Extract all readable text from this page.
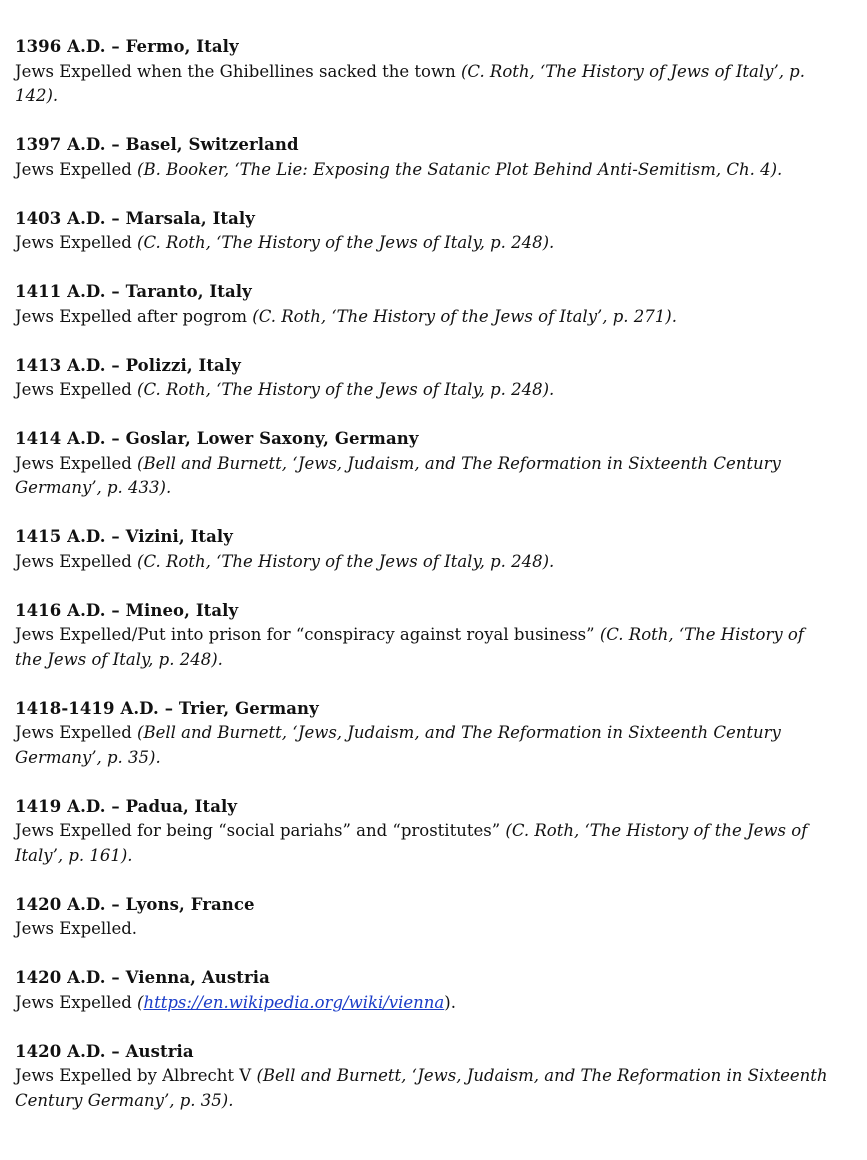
1396 A.D. – Fermo, Italy
Jews Expelled when the Ghibellines sacked the town (C. Roth, ‘The History of Jews of Italy’, p. 142).
1397 A.D. – Basel, Switzerland
Jews Expelled (B. Booker, ‘The Lie: Exposing the Satanic Plot Behind Anti-Semitism, Ch. 4).
1403 A.D. – Marsala, Italy
Jews Expelled (C. Roth, ‘The History of the Jews of Italy, p. 248).
1411 A.D. – Taranto, Italy
Jews Expelled after pogrom (C. Roth, ‘The History of the Jews of Italy’, p. 271).
1413 A.D. – Polizzi, Italy
Jews Expelled (C. Roth, ‘The History of the Jews of Italy, p. 248).
1414 A.D. – Goslar, Lower Saxony, Germany
Jews Expelled (Bell and Burnett, ‘Jews, Judaism, and The Reformation in Sixteenth Century Germany’, p. 433).
1415 A.D. – Vizini, Italy
Jews Expelled (C. Roth, ‘The History of the Jews of Italy, p. 248).
1416 A.D. – Mineo, Italy
Jews Expelled/Put into prison for “conspiracy against royal business” (C. Roth, ‘The History of the Jews of Italy, p. 248).
1418-1419 A.D. – Trier, Germany
Jews Expelled (Bell and Burnett, ‘Jews, Judaism, and The Reformation in Sixteenth Century Germany’, p. 35).
1419 A.D. – Padua, Italy
Jews Expelled for being “social pariahs” and “prostitutes” (C. Roth, ‘The History of the Jews of Italy’, p. 161).
1420 A.D. – Lyons, France
Jews Expelled.
1420 A.D. – Vienna, Austria
Jews Expelled (https://en.wikipedia.org/wiki/vienna).
1420 A.D. – Austria
Jews Expelled by Albrecht V (Bell and Burnett, ‘Jews, Judaism, and The Reformation in Sixteenth Century Germany’, p. 35).
